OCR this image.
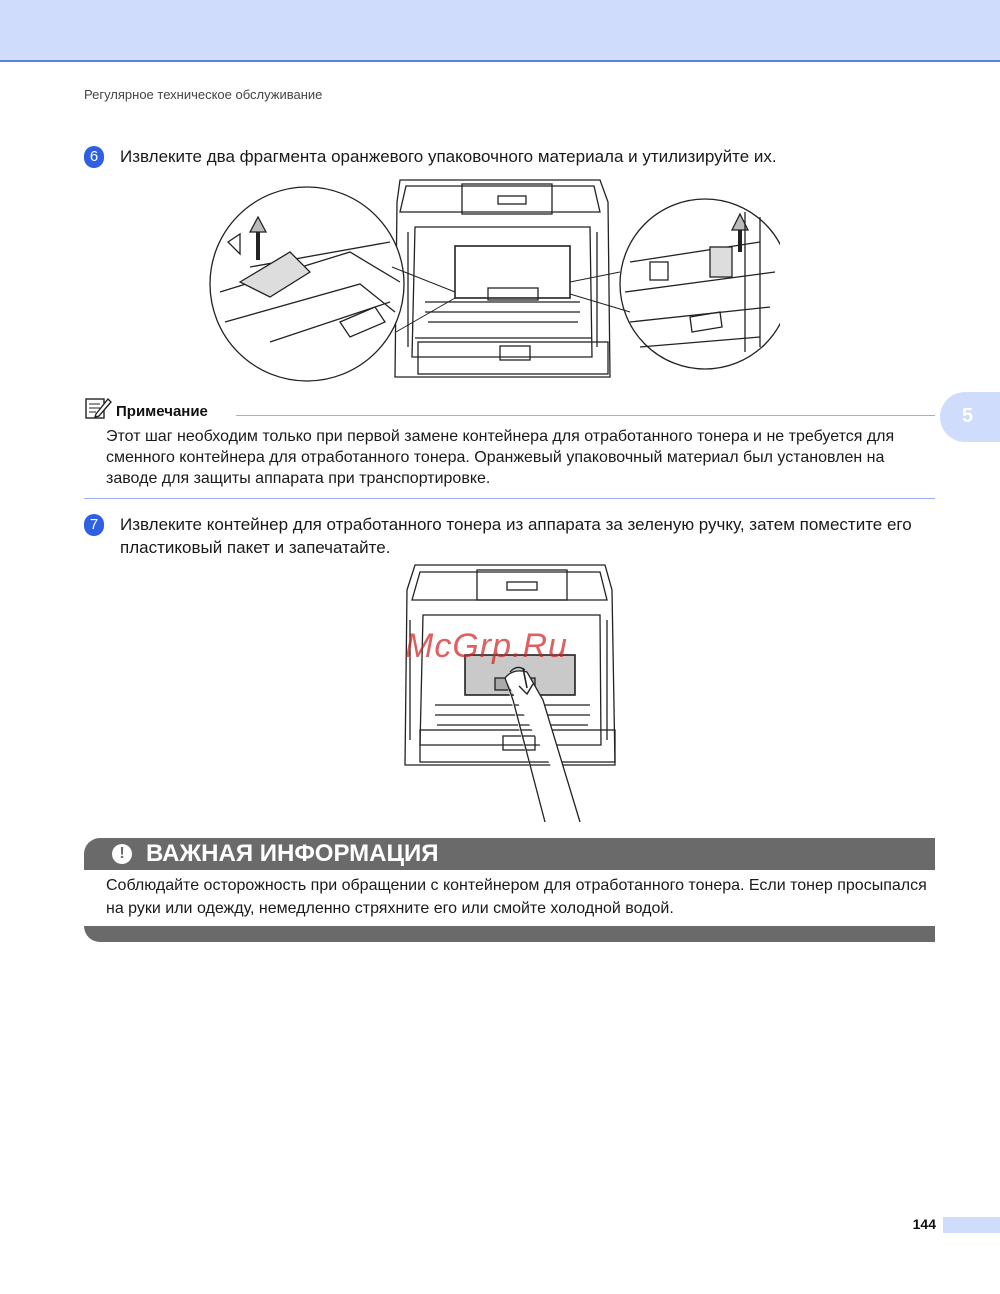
Регулярное техническое обслуживание
6	Извлеките два фрагмента оранжевого упаковочного материала и утилизируйте их.
Примечание
Этот шаг необходим только при первой замене контейнера для отработанного тонера и не требуется для сменного контейнера для отработанного тонера. Оранжевый упаковочный материал был установлен на заводе для защиты аппарата при транспортировке.
5
7	Извлеките контейнер для отработанного тонера из аппарата за зеленую ручку, затем поместите его пластиковый пакет и запечатайте.
McGrp.Ru
! ВАЖНАЯ ИНФОРМАЦИЯ
Соблюдайте осторожность при обращении с контейнером для отработанного тонера. Если тонер просыпался на руки или одежду, немедленно стряхните его или смойте холодной водой.
144
